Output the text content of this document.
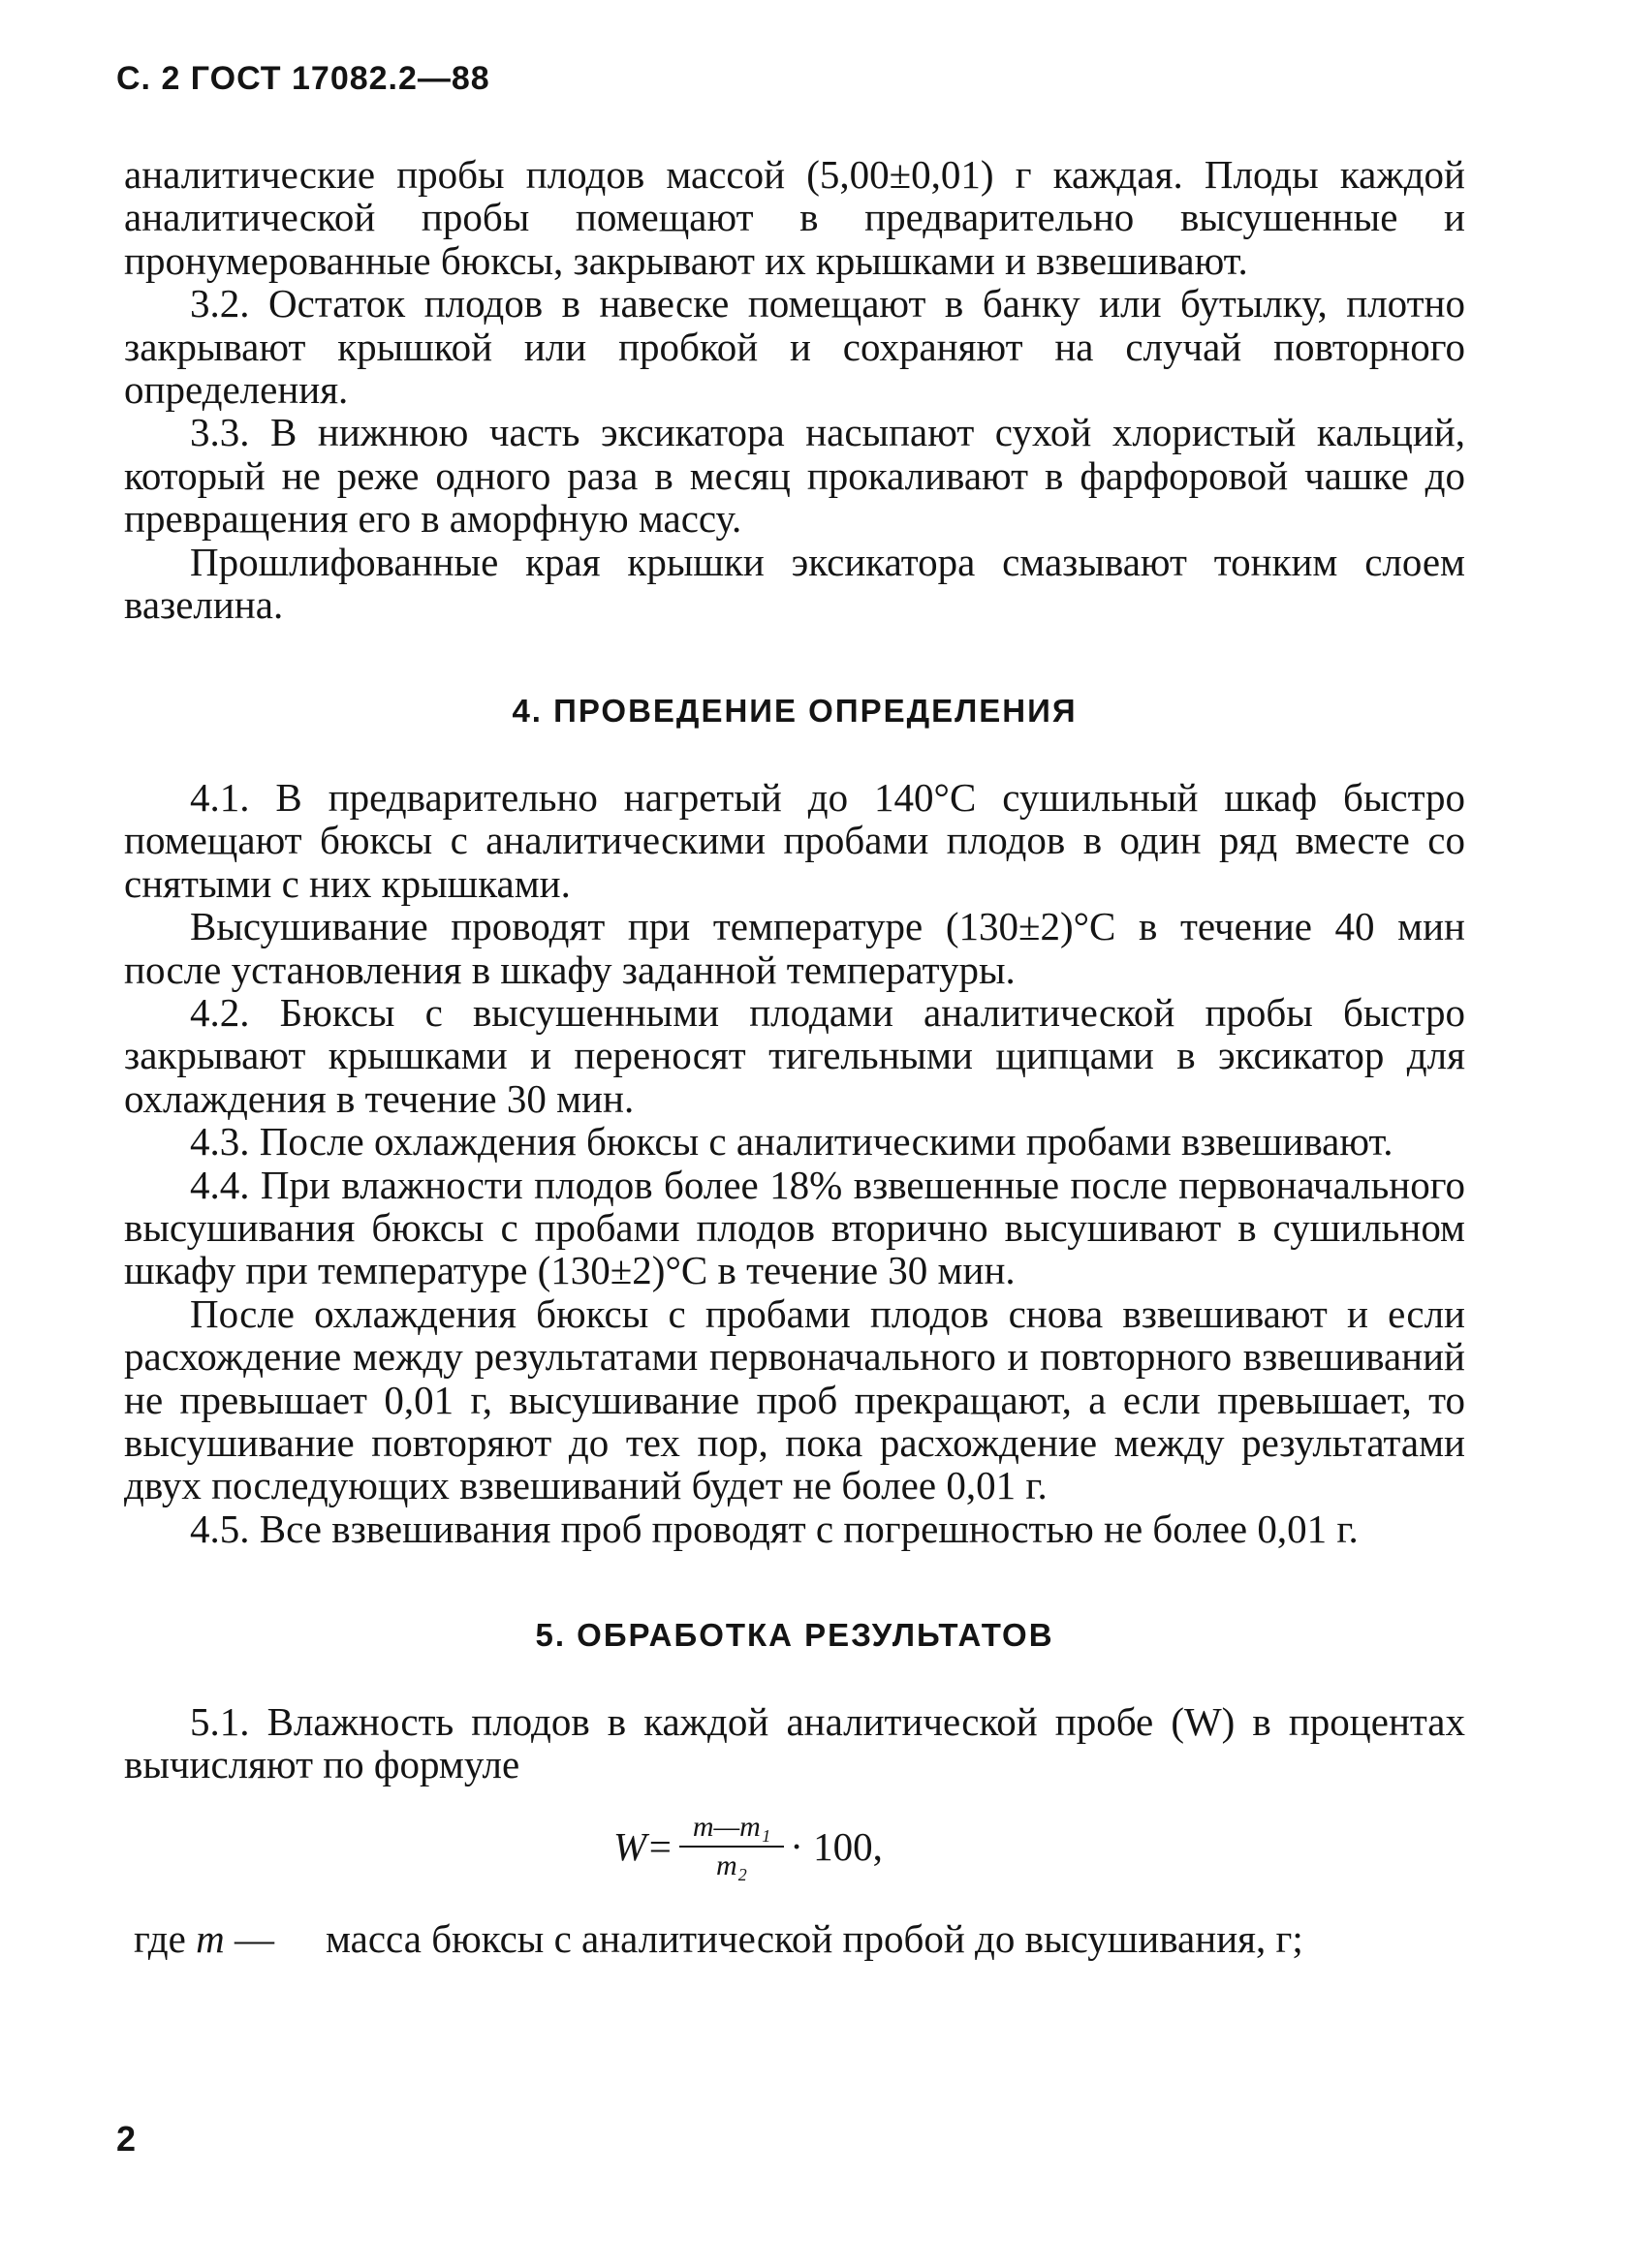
С. 2 ГОСТ 17082.2—88

аналитические пробы плодов массой (5,00±0,01) г каждая. Плоды каждой аналитической пробы помещают в предварительно высушенные и пронумерованные бюксы, закрывают их крышками и взвешивают.

3.2. Остаток плодов в навеске помещают в банку или бутылку, плотно закрывают крышкой или пробкой и сохраняют на случай повторного определения.

3.3. В нижнюю часть эксикатора насыпают сухой хлористый кальций, который не реже одного раза в месяц прокаливают в фарфоровой чашке до превращения его в аморфную массу.

Прошлифованные края крышки эксикатора смазывают тонким слоем вазелина.

4. ПРОВЕДЕНИЕ ОПРЕДЕЛЕНИЯ

4.1. В предварительно нагретый до 140°С сушильный шкаф быстро помещают бюксы с аналитическими пробами плодов в один ряд вместе со снятыми с них крышками.

Высушивание проводят при температуре (130±2)°С в течение 40 мин после установления в шкафу заданной температуры.

4.2. Бюксы с высушенными плодами аналитической пробы быстро закрывают крышками и переносят тигельными щипцами в эксикатор для охлаждения в течение 30 мин.

4.3. После охлаждения бюксы с аналитическими пробами взвешивают.

4.4. При влажности плодов более 18% взвешенные после первоначального высушивания бюксы с пробами плодов вторично высушивают в сушильном шкафу при температуре (130±2)°С в течение 30 мин.

После охлаждения бюксы с пробами плодов снова взвешивают и если расхождение между результатами первоначального и повторного взвешиваний не превышает 0,01 г, высушивание проб прекращают, а если превышает, то высушивание повторяют до тех пор, пока расхождение между результатами двух последующих взвешиваний будет не более 0,01 г.

4.5. Все взвешивания проб проводят с погрешностью не более 0,01 г.

5. ОБРАБОТКА РЕЗУЛЬТАТОВ

5.1. Влажность плодов в каждой аналитической пробе (W) в процентах вычисляют по формуле

$W= \frac{\text{m—m₁}}{\text{m₂}} \cdot 100$,
где m —	масса бюксы с аналитической пробой до высушивания, г;
2
